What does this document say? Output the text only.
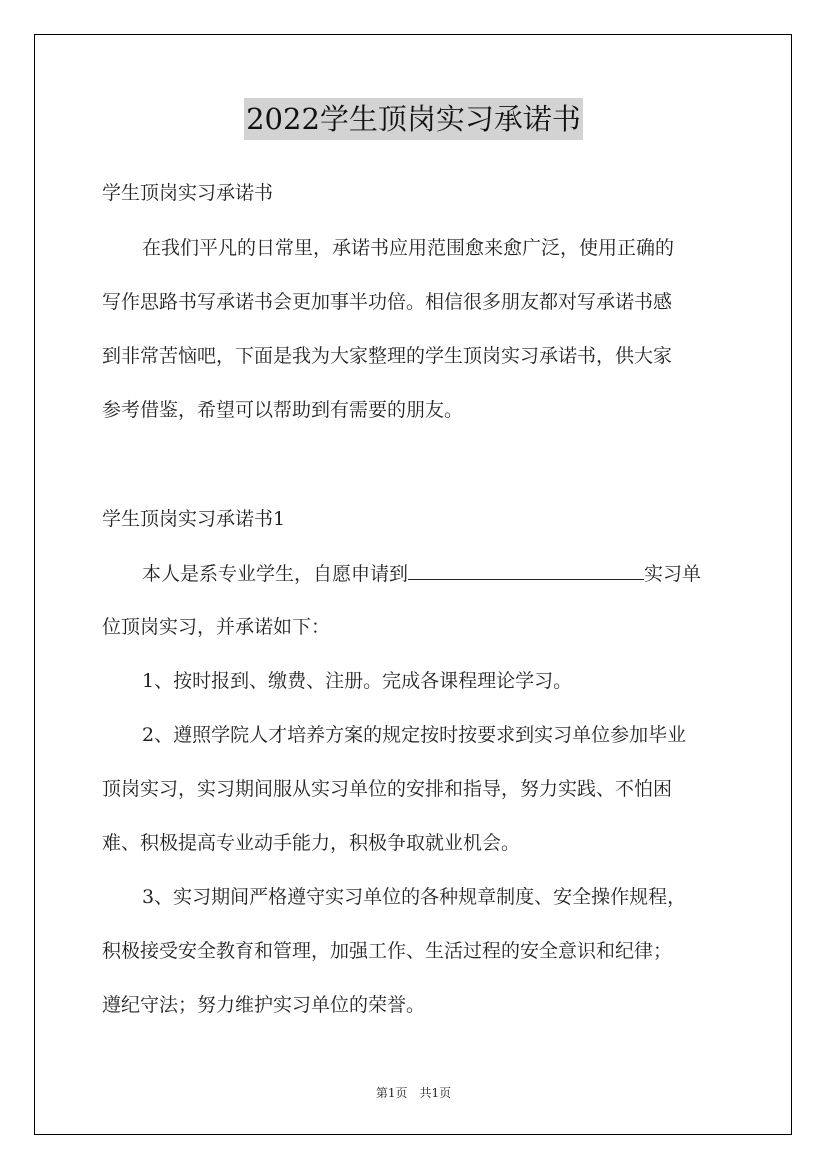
2022学生顶岗实习承诺书
学生顶岗实习承诺书
在我们平凡的日常里，承诺书应用范围愈来愈广泛，使用正确的
写作思路书写承诺书会更加事半功倍。相信很多朋友都对写承诺书感
到非常苦恼吧，下面是我为大家整理的学生顶岗实习承诺书，供大家
参考借鉴，希望可以帮助到有需要的朋友。
学生顶岗实习承诺书1
本人是系专业学生，自愿申请到	实习单
位顶岗实习，并承诺如下：
1、按时报到、缴费、注册。完成各课程理论学习。
2、遵照学院人才培养方案的规定按时按要求到实习单位参加毕业
顶岗实习，实习期间服从实习单位的安排和指导，努力实践、不怕困
难、积极提高专业动手能力，积极争取就业机会。
3、实习期间严格遵守实习单位的各种规章制度、安全操作规程，
积极接受安全教育和管理，加强工作、生活过程的安全意识和纪律；
遵纪守法；努力维护实习单位的荣誉。
第1页　共1页
